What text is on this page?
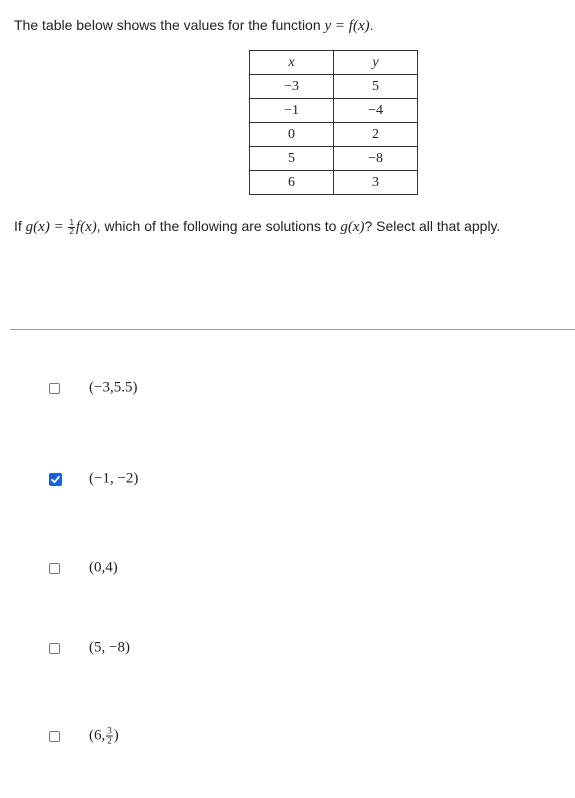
The table below shows the values for the function y = f(x).
x	y
−3	5
−1	−4
0	2
5	−8
6	3
If $g(x) = \frac{1}{2} f(x)$, which of the following are solutions to g(x)? Select all that apply.
(−3,5.5)
(−1, −2)
(0,4)
(5, −8)
(6, $\frac{3}{2}$ )
